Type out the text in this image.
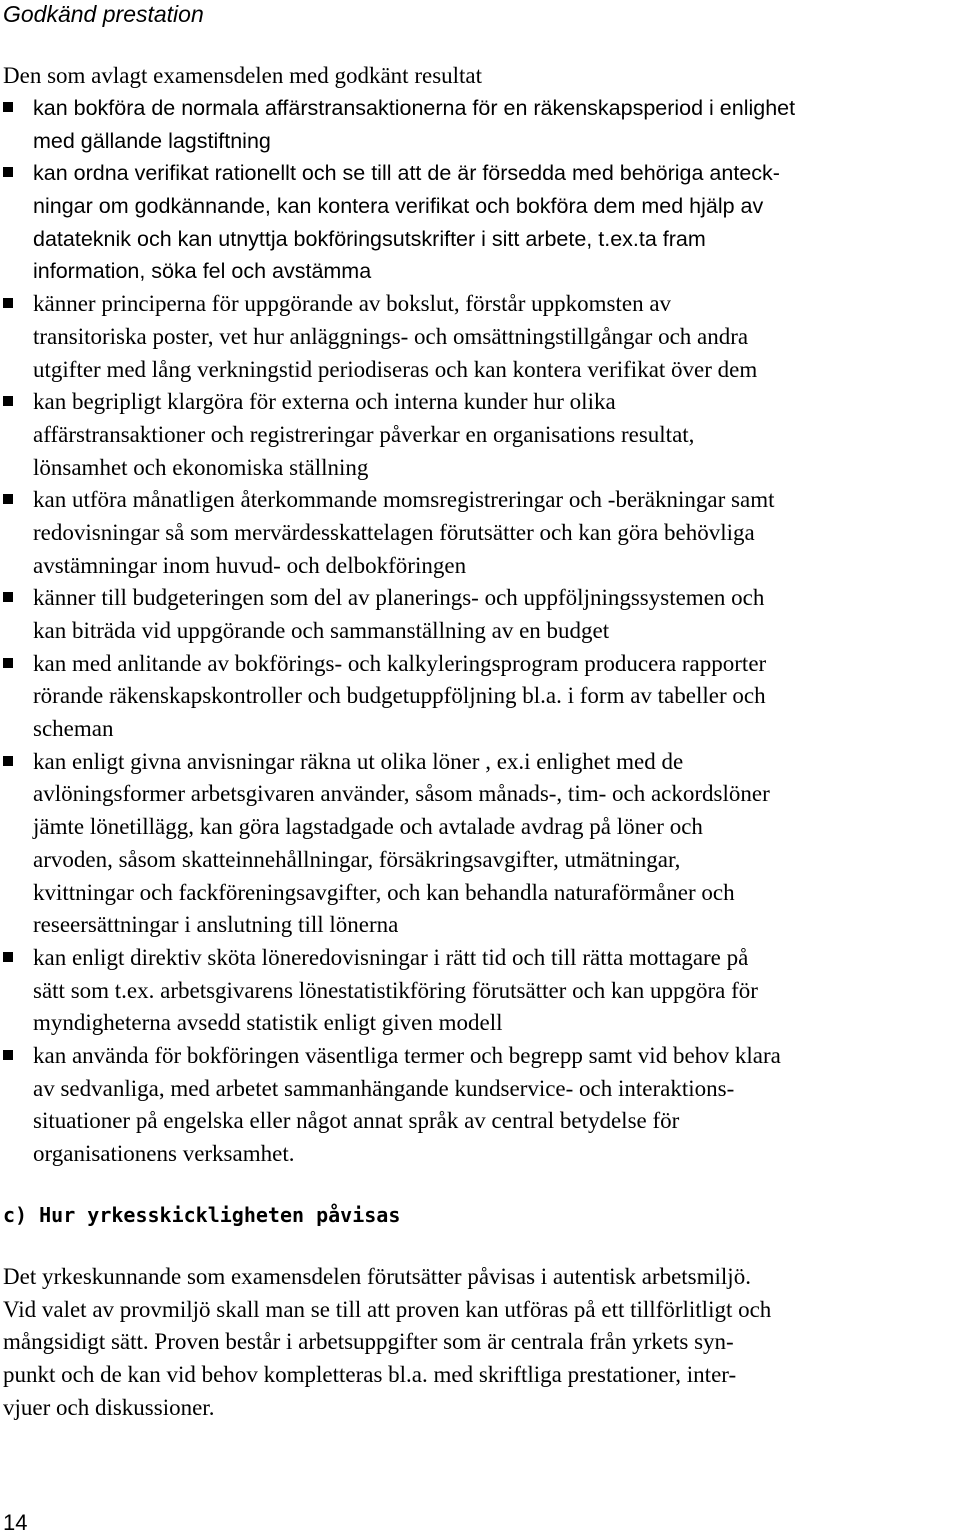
Godkänd prestation

Den som avlagt examensdelen med godkänt resultat

kan bokföra de normala affärstransaktionerna för en räkenskapsperiod i enlighet
med gällande lagstiftning
kan ordna verifikat rationellt och se till att de är försedda med behöriga anteck-
ningar om godkännande, kan kontera verifikat och bokföra dem med hjälp av
datateknik och kan utnyttja bokföringsutskrifter i sitt arbete, t.ex.ta fram
information, söka fel och avstämma
känner principerna för uppgörande av bokslut, förstår uppkomsten av
transitoriska poster, vet hur anläggnings- och omsättningstillgångar och andra
utgifter med lång verkningstid periodiseras och kan kontera verifikat över dem
kan begripligt klargöra för externa och interna kunder hur olika
affärstransaktioner och registreringar påverkar en organisations resultat,
lönsamhet och ekonomiska ställning
kan utföra månatligen återkommande momsregistreringar och -beräkningar samt
redovisningar så som mervärdesskattelagen förutsätter och kan göra behövliga
avstämningar inom huvud- och delbokföringen
känner till budgeteringen som del av planerings- och uppföljningssystemen och
kan biträda vid uppgörande och sammanställning av en budget
kan med anlitande av bokförings- och kalkyleringsprogram producera rapporter
rörande räkenskapskontroller och budgetuppföljning bl.a. i form av tabeller och
scheman
kan enligt givna anvisningar räkna ut olika löner , ex.i enlighet med de
avlöningsformer arbetsgivaren använder, såsom månads-, tim- och ackordslöner
jämte lönetillägg, kan göra lagstadgade och avtalade avdrag på löner och
arvoden, såsom skatteinnehållningar, försäkringsavgifter, utmätningar,
kvittningar och fackföreningsavgifter, och kan behandla naturaförmåner och
reseersättningar i anslutning till lönerna
kan enligt direktiv sköta löneredovisningar i rätt tid och till rätta mottagare på
sätt som t.ex. arbetsgivarens lönestatistikföring förutsätter och kan uppgöra för
myndigheterna avsedd statistik enligt given modell
kan använda för bokföringen väsentliga termer och begrepp samt vid behov klara
av sedvanliga, med arbetet sammanhängande kundservice- och interaktions-
situationer på engelska eller något annat språk av central betydelse för
organisationens verksamhet.
c) Hur yrkesskickligheten påvisas
Det yrkeskunnande som examensdelen förutsätter påvisas i autentisk arbetsmiljö.
Vid valet av provmiljö skall man se till att proven kan utföras på ett tillförlitligt och
mångsidigt sätt. Proven består i arbetsuppgifter som är centrala från yrkets syn-
punkt och de kan vid behov kompletteras bl.a. med skriftliga prestationer, inter-
vjuer och diskussioner.
14
